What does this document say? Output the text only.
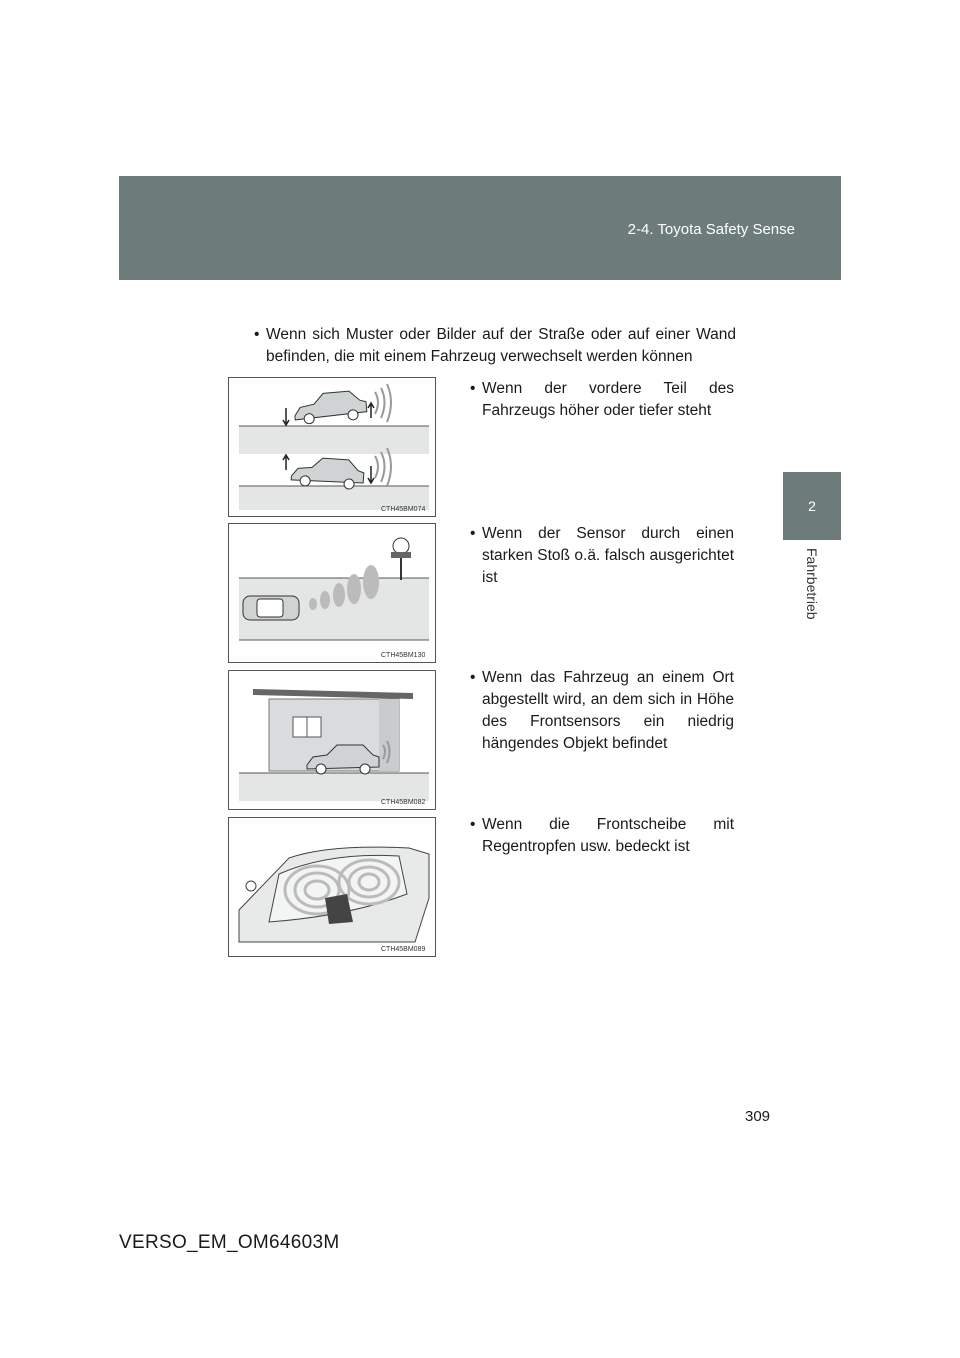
2-4. Toyota Safety Sense
2
Fahrbetrieb
• Wenn sich Muster oder Bilder auf der Straße oder auf einer Wand befinden, die mit einem Fahrzeug verwechselt werden können
CTH45BM074
• Wenn der vordere Teil des Fahrzeugs höher oder tiefer steht
CTH45BM130
• Wenn der Sensor durch einen starken Stoß o.ä. falsch ausgerichtet ist
CTH45BM082
• Wenn das Fahrzeug an einem Ort abgestellt wird, an dem sich in Höhe des Frontsensors ein niedrig hängendes Objekt befindet
CTH45BM089
• Wenn die Frontscheibe mit Regentropfen usw. bedeckt ist
309
VERSO_EM_OM64603M
